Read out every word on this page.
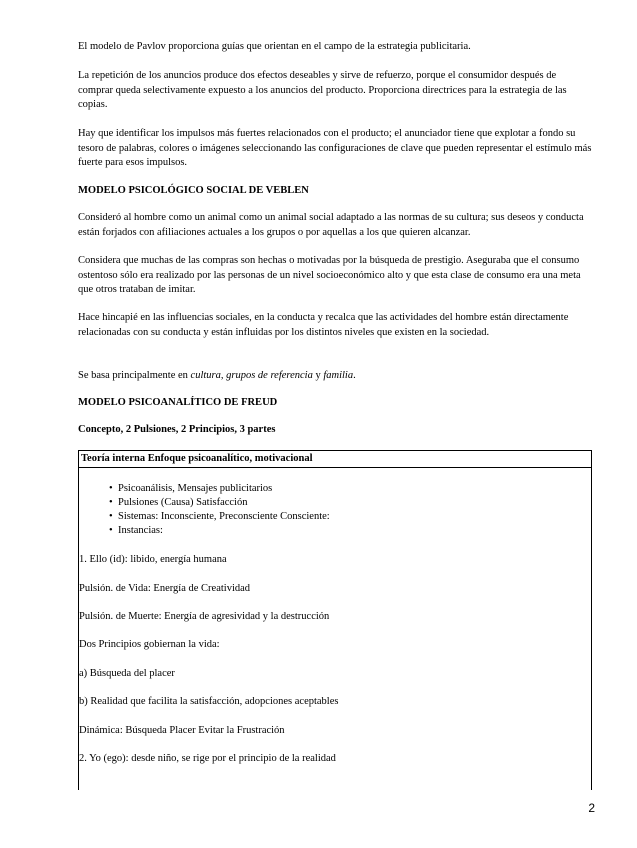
El modelo de Pavlov proporciona guías que orientan en el campo de la estrategia publicitaria.

La repetición de los anuncios produce dos efectos deseables y sirve de refuerzo, porque el consumidor después de comprar queda selectivamente expuesto a los anuncios del producto. Proporciona directrices para la estrategia de las copias.

Hay que identificar los impulsos más fuertes relacionados con el producto; el anunciador tiene que explotar a fondo su tesoro de palabras, colores o imágenes seleccionando las configuraciones de clave que pueden representar el estímulo más fuerte para esos impulsos.

MODELO PSICOLÓGICO SOCIAL DE VEBLEN

Consideró al hombre como un animal como un animal social adaptado a las normas de su cultura; sus deseos y conducta están forjados con afiliaciones actuales a los grupos o por aquellas a los que quieren alcanzar.

Considera que muchas de las compras son hechas o motivadas por la búsqueda de prestigio. Aseguraba que el consumo ostentoso sólo era realizado por las personas de un nivel socioeconómico alto y que esta clase de consumo era una meta que otros trataban de imitar.

Hace hincapié en las influencias sociales, en la conducta y recalca que las actividades del hombre están directamente relacionadas con su conducta y están influidas por los distintos niveles que existen en la sociedad.

Se basa principalmente en cultura, grupos de referencia y familia.

MODELO PSICOANALÍTICO DE FREUD

Concepto, 2 Pulsiones, 2 Principios, 3 partes

Teoría interna Enfoque psicoanalítico, motivacional
• Psicoanálisis, Mensajes publicitarios
• Pulsiones (Causa) Satisfacción
• Sistemas: Inconsciente, Preconsciente Consciente:
• Instancias:
1. Ello (id): libido, energía humana
Pulsión. de Vida: Energía de Creatividad
Pulsión. de Muerte: Energía de agresividad y la destrucción
Dos Principios gobiernan la vida:
a) Búsqueda del placer
b) Realidad que facilita la satisfacción, adopciones aceptables
Dinámica: Búsqueda Placer Evitar la Frustración
2. Yo (ego): desde niño, se rige por el principio de la realidad
2
